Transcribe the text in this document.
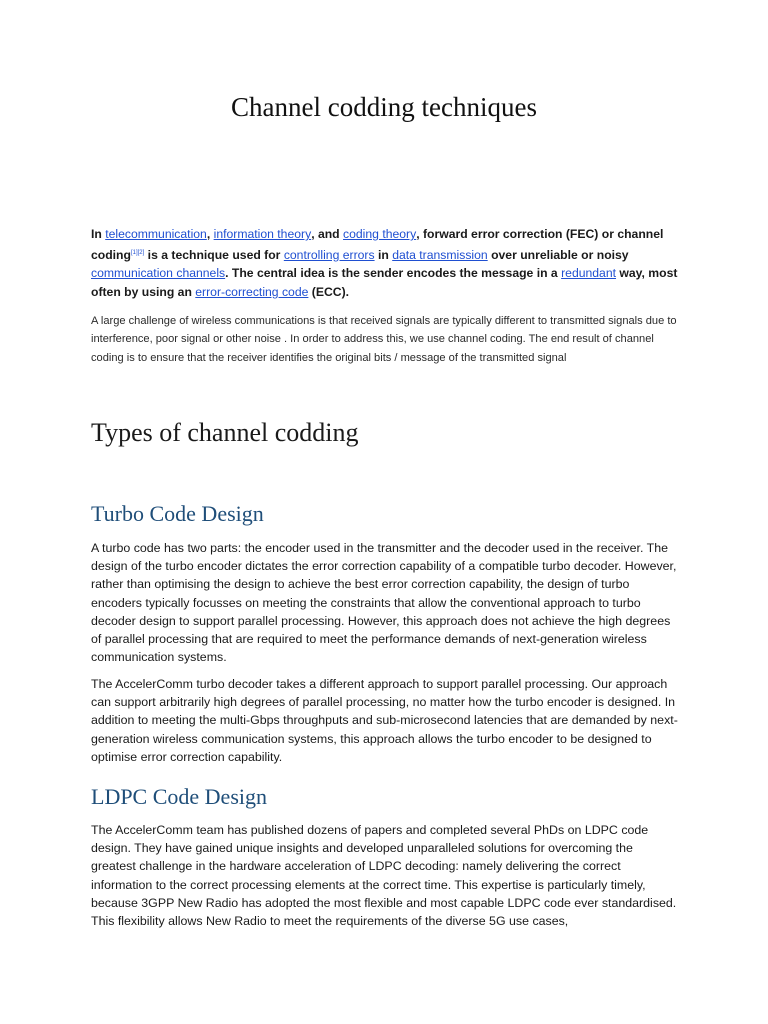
Channel codding techniques

In telecommunication, information theory, and coding theory, forward error correction (FEC) or channel coding[1][2] is a technique used for controlling errors in data transmission over unreliable or noisy communication channels. The central idea is the sender encodes the message in a redundant way, most often by using an error-correcting code (ECC).

A large challenge of wireless communications is that received signals are typically different to transmitted signals due to interference, poor signal or other noise . In order to address this, we use channel coding. The end result of channel coding is to ensure that the receiver identifies the original bits / message of the transmitted signal

Types of channel codding
Turbo Code Design

A turbo code has two parts: the encoder used in the transmitter and the decoder used in the receiver. The design of the turbo encoder dictates the error correction capability of a compatible turbo decoder. However, rather than optimising the design to achieve the best error correction capability, the design of turbo encoders typically focusses on meeting the constraints that allow the conventional approach to turbo decoder design to support parallel processing. However, this approach does not achieve the high degrees of parallel processing that are required to meet the performance demands of next-generation wireless communication systems.

The AccelerComm turbo decoder takes a different approach to support parallel processing. Our approach can support arbitrarily high degrees of parallel processing, no matter how the turbo encoder is designed. In addition to meeting the multi-Gbps throughputs and sub-microsecond latencies that are demanded by next-generation wireless communication systems, this approach allows the turbo encoder to be designed to optimise error correction capability.

LDPC Code Design

The AccelerComm team has published dozens of papers and completed several PhDs on LDPC code design. They have gained unique insights and developed unparalleled solutions for overcoming the greatest challenge in the hardware acceleration of LDPC decoding: namely delivering the correct information to the correct processing elements at the correct time. This expertise is particularly timely, because 3GPP New Radio has adopted the most flexible and most capable LDPC code ever standardised. This flexibility allows New Radio to meet the requirements of the diverse 5G use cases,
